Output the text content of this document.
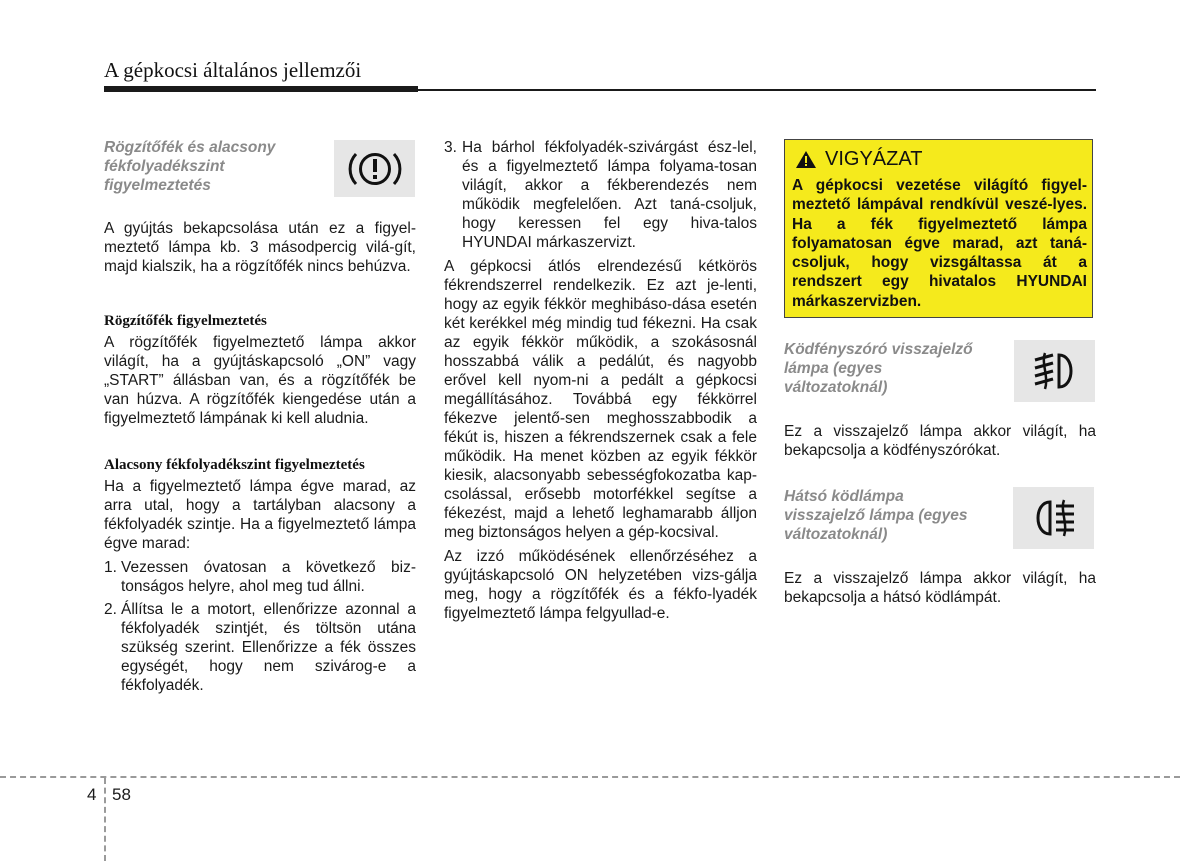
A gépkocsi általános jellemzői
Rögzítőfék és alacsony
fékfolyadékszint
figyelmeztetés

A gyújtás bekapcsolása után ez a figyel-meztető lámpa kb. 3 másodpercig vilá-gít, majd kialszik, ha a rögzítőfék nincs behúzva.

Rögzítőfék figyelmeztetés

A rögzítőfék figyelmeztető lámpa akkor világít, ha a gyújtáskapcsoló „ON” vagy „START” állásban van, és a rögzítőfék be van húzva. A rögzítőfék kiengedése után a figyelmeztető lámpának ki kell aludnia.

Alacsony fékfolyadékszint figyelmeztetés

Ha a figyelmeztető lámpa égve marad, az arra utal, hogy a tartályban alacsony a fékfolyadék szintje. Ha a figyelmeztető lámpa égve marad:

1. Vezessen óvatosan a következő biz-tonságos helyre, ahol meg tud állni.
2. Állítsa le a motort, ellenőrizze azonnal a fékfolyadék szintjét, és töltsön utána szükség szerint. Ellenőrizze a fék összes egységét, hogy nem szivárog-e a fékfolyadék.
3. Ha bárhol fékfolyadék-szivárgást ész-lel, és a figyelmeztető lámpa folyama-tosan világít, akkor a fékberendezés nem működik megfelelően. Azt taná-csoljuk, hogy keressen fel egy hiva-talos HYUNDAI márkaszervizt.

A gépkocsi átlós elrendezésű kétkörös fékrendszerrel rendelkezik. Ez azt je-lenti, hogy az egyik fékkör meghibáso-dása esetén két kerékkel még mindig tud fékezni. Ha csak az egyik fékkör működik, a szokásosnál hosszabbá válik a pedálút, és nagyobb erővel kell nyom-ni a pedált a gépkocsi megállításához. Továbbá egy fékkörrel fékezve jelentő-sen meghosszabbodik a fékút is, hiszen a fékrendszernek csak a fele működik. Ha menet közben az egyik fékkör kiesik, alacsonyabb sebességfokozatba kap-csolással, erősebb motorfékkel segítse a fékezést, majd a lehető leghamarabb álljon meg biztonságos helyen a gép-kocsival.

Az izzó működésének ellenőrzéséhez a gyújtáskapcsoló ON helyzetében vizs-gálja meg, hogy a rögzítőfék és a fékfo-lyadék figyelmeztető lámpa felgyullad-e.

VIGYÁZAT
A gépkocsi vezetése világító figyel-meztető lámpával rendkívül veszé-lyes. Ha a fék figyelmeztető lámpa folyamatosan égve marad, azt taná-csoljuk, hogy vizsgáltassa át a rendszert egy hivatalos HYUNDAI márkaszervizben.
Ködfényszóró visszajelző
lámpa (egyes
változatoknál)

Ez a visszajelző lámpa akkor világít, ha bekapcsolja a ködfényszórókat.

Hátsó ködlámpa
visszajelző lámpa (egyes
változatoknál)

Ez a visszajelző lámpa akkor világít, ha bekapcsolja a hátsó ködlámpát.

4 58
